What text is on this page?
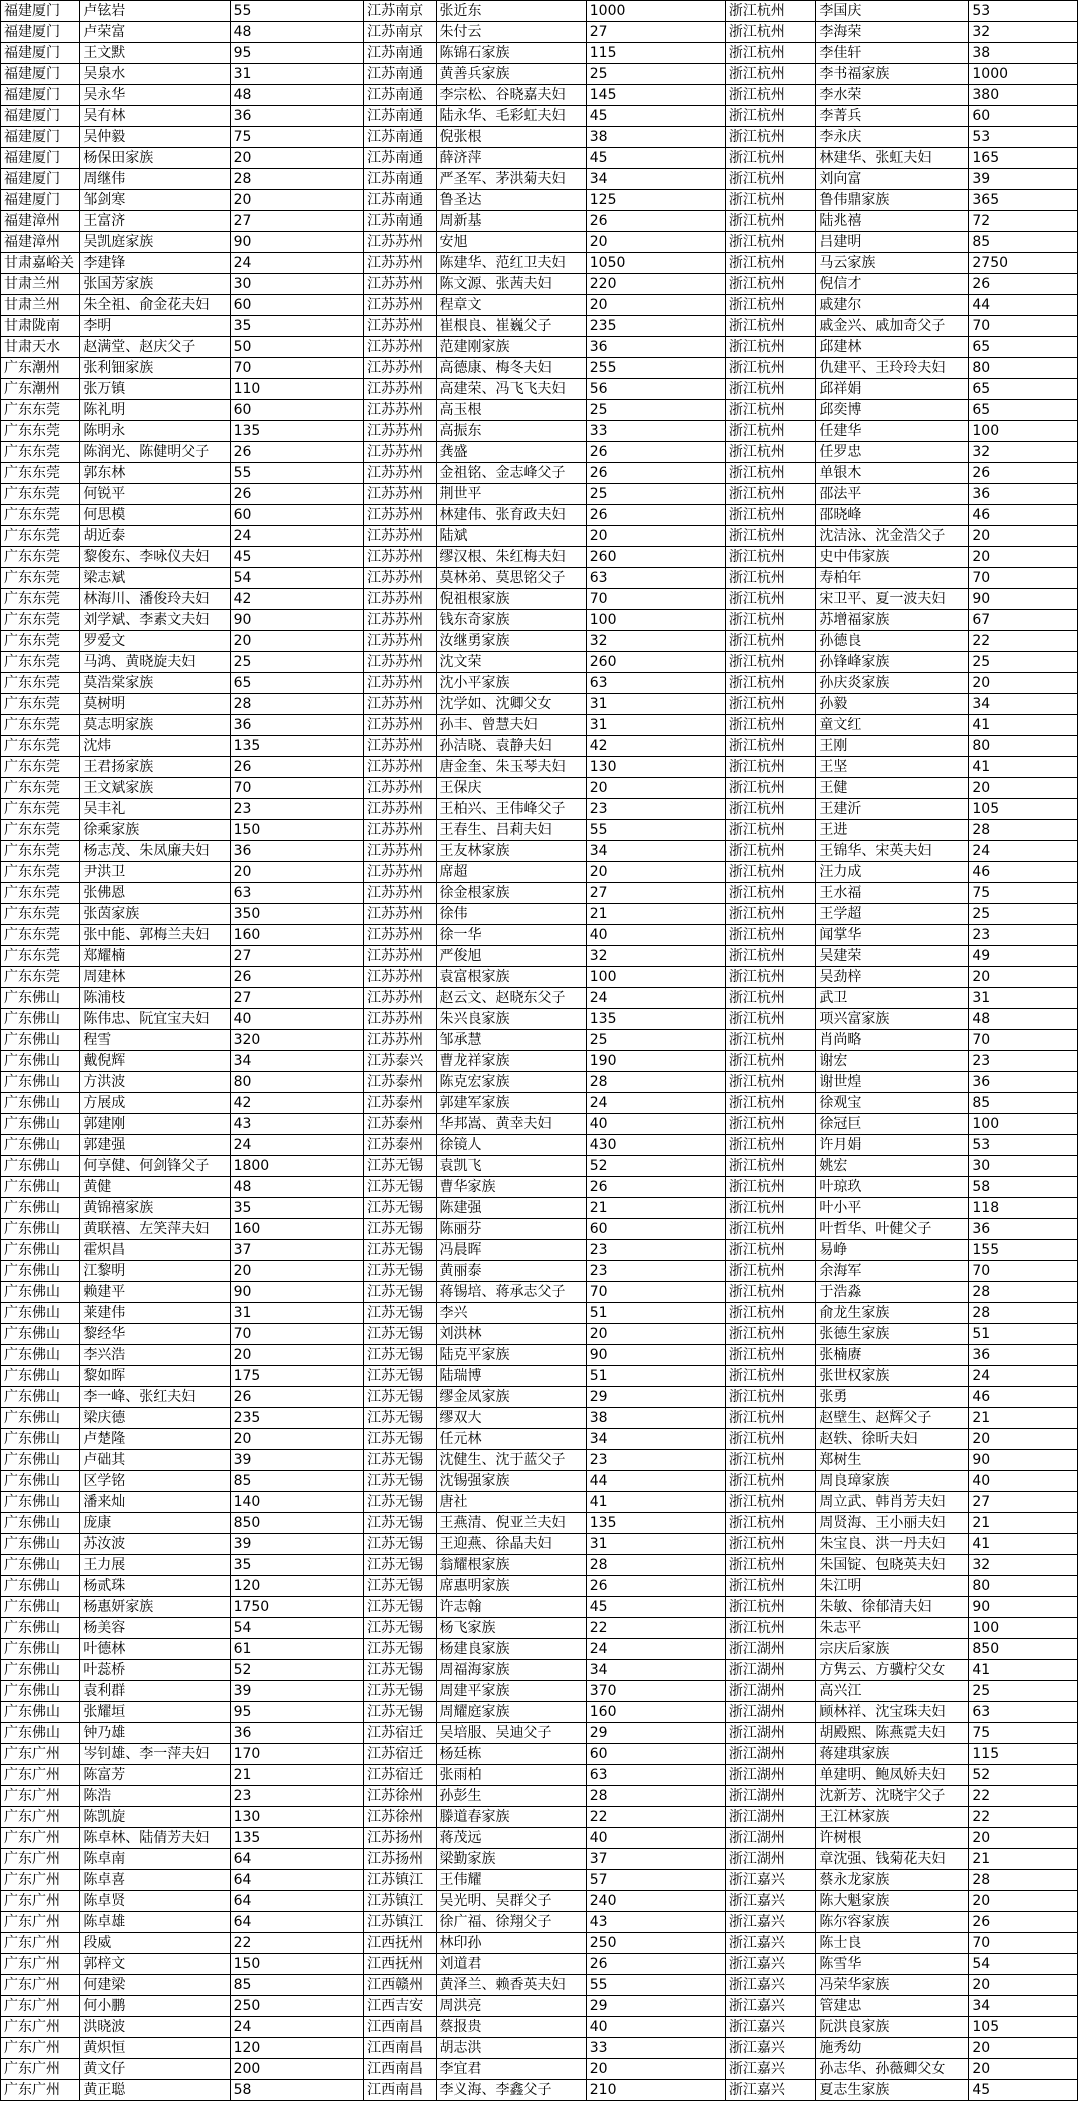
福建厦门	卢铉岩	55	江苏南京	张近东	1000	浙江杭州	李国庆	53
福建厦门	卢荣富	48	江苏南京	朱付云	27	浙江杭州	李海荣	32
福建厦门	王文默	95	江苏南通	陈锦石家族	115	浙江杭州	李佳轩	38
福建厦门	吴泉水	31	江苏南通	黄善兵家族	25	浙江杭州	李书福家族	1000
福建厦门	吴永华	48	江苏南通	李宗松、谷晓嘉夫妇	145	浙江杭州	李水荣	380
福建厦门	吴有林	36	江苏南通	陆永华、毛彩虹夫妇	45	浙江杭州	李菁兵	60
福建厦门	吴仲毅	75	江苏南通	倪张根	38	浙江杭州	李永庆	53
福建厦门	杨保田家族	20	江苏南通	薛济萍	45	浙江杭州	林建华、张虹夫妇	165
福建厦门	周继伟	28	江苏南通	严圣军、茅洪菊夫妇	34	浙江杭州	刘向富	39
福建厦门	邹剑寒	20	江苏南通	鲁圣达	125	浙江杭州	鲁伟鼎家族	365
福建漳州	王富济	27	江苏南通	周新基	26	浙江杭州	陆兆禧	72
福建漳州	吴凯庭家族	90	江苏苏州	安旭	20	浙江杭州	吕建明	85
甘肃嘉峪关	李建锋	24	江苏苏州	陈建华、范红卫夫妇	1050	浙江杭州	马云家族	2750
甘肃兰州	张国芳家族	30	江苏苏州	陈文源、张茜夫妇	220	浙江杭州	倪信才	26
甘肃兰州	朱全祖、俞金花夫妇	60	江苏苏州	程章文	20	浙江杭州	戚建尔	44
甘肃陇南	李明	35	江苏苏州	崔根良、崔巍父子	235	浙江杭州	戚金兴、戚加奇父子	70
甘肃天水	赵满堂、赵庆父子	50	江苏苏州	范建刚家族	36	浙江杭州	邱建林	65
广东潮州	张利钿家族	70	江苏苏州	高德康、梅冬夫妇	255	浙江杭州	仇建平、王玲玲夫妇	80
广东潮州	张万镇	110	江苏苏州	高建荣、冯飞飞夫妇	56	浙江杭州	邱祥娟	65
广东东莞	陈礼明	60	江苏苏州	高玉根	25	浙江杭州	邱奕博	65
广东东莞	陈明永	135	江苏苏州	高振东	33	浙江杭州	任建华	100
广东东莞	陈润光、陈健明父子	26	江苏苏州	龚盛	26	浙江杭州	任罗忠	32
广东东莞	郭东林	55	江苏苏州	金祖铭、金志峰父子	26	浙江杭州	单银木	26
广东东莞	何锐平	26	江苏苏州	荆世平	25	浙江杭州	邵法平	36
广东东莞	何思模	60	江苏苏州	林建伟、张育政夫妇	26	浙江杭州	邵晓峰	46
广东东莞	胡近泰	24	江苏苏州	陆斌	20	浙江杭州	沈洁泳、沈金浩父子	20
广东东莞	黎俊东、李咏仪夫妇	45	江苏苏州	缪汉根、朱红梅夫妇	260	浙江杭州	史中伟家族	20
广东东莞	梁志斌	54	江苏苏州	莫林弟、莫思铭父子	63	浙江杭州	寿柏年	70
广东东莞	林海川、潘俊玲夫妇	42	江苏苏州	倪祖根家族	70	浙江杭州	宋卫平、夏一波夫妇	90
广东东莞	刘学斌、李素文夫妇	90	江苏苏州	钱东奇家族	100	浙江杭州	苏增福家族	67
广东东莞	罗爱文	20	江苏苏州	汝继勇家族	32	浙江杭州	孙德良	22
广东东莞	马鸿、黄晓旋夫妇	25	江苏苏州	沈文荣	260	浙江杭州	孙锋峰家族	25
广东东莞	莫浩棠家族	65	江苏苏州	沈小平家族	63	浙江杭州	孙庆炎家族	20
广东东莞	莫树明	28	江苏苏州	沈学如、沈卿父女	31	浙江杭州	孙毅	34
广东东莞	莫志明家族	36	江苏苏州	孙丰、曾慧夫妇	31	浙江杭州	童文红	41
广东东莞	沈炜	135	江苏苏州	孙洁晓、袁静夫妇	42	浙江杭州	王刚	80
广东东莞	王君扬家族	26	江苏苏州	唐金奎、朱玉琴夫妇	130	浙江杭州	王坚	41
广东东莞	王文斌家族	70	江苏苏州	王保庆	20	浙江杭州	王健	20
广东东莞	吴丰礼	23	江苏苏州	王柏兴、王伟峰父子	23	浙江杭州	王建沂	105
广东东莞	徐乘家族	150	江苏苏州	王春生、吕莉夫妇	55	浙江杭州	王进	28
广东东莞	杨志茂、朱凤廉夫妇	36	江苏苏州	王友林家族	34	浙江杭州	王锦华、宋英夫妇	24
广东东莞	尹洪卫	20	江苏苏州	席超	20	浙江杭州	汪力成	46
广东东莞	张佛恩	63	江苏苏州	徐金根家族	27	浙江杭州	王水福	75
广东东莞	张茵家族	350	江苏苏州	徐伟	21	浙江杭州	王学超	25
广东东莞	张中能、郭梅兰夫妇	160	江苏苏州	徐一华	40	浙江杭州	闻掌华	23
广东东莞	郑耀楠	27	江苏苏州	严俊旭	32	浙江杭州	吴建荣	49
广东东莞	周建林	26	江苏苏州	袁富根家族	100	浙江杭州	吴劲梓	20
广东佛山	陈浦枝	27	江苏苏州	赵云文、赵晓东父子	24	浙江杭州	武卫	31
广东佛山	陈伟忠、阮宜宝夫妇	40	江苏苏州	朱兴良家族	135	浙江杭州	项兴富家族	48
广东佛山	程雪	320	江苏苏州	邹承慧	25	浙江杭州	肖尚略	70
广东佛山	戴倪辉	34	江苏泰兴	曹龙祥家族	190	浙江杭州	谢宏	23
广东佛山	方洪波	80	江苏泰州	陈克宏家族	28	浙江杭州	谢世煌	36
广东佛山	方展成	42	江苏泰州	郭建军家族	24	浙江杭州	徐观宝	85
广东佛山	郭建刚	43	江苏泰州	华邦嵩、黄幸夫妇	40	浙江杭州	徐冠巨	100
广东佛山	郭建强	24	江苏泰州	徐镜人	430	浙江杭州	许月娟	53
广东佛山	何享健、何剑锋父子	1800	江苏无锡	袁凯飞	52	浙江杭州	姚宏	30
广东佛山	黄健	48	江苏无锡	曹华家族	26	浙江杭州	叶琼玖	58
广东佛山	黄锦禧家族	35	江苏无锡	陈建强	21	浙江杭州	叶小平	118
广东佛山	黄联禧、左笑萍夫妇	160	江苏无锡	陈丽芬	60	浙江杭州	叶哲华、叶健父子	36
广东佛山	霍炽昌	37	江苏无锡	冯晨晖	23	浙江杭州	易峥	155
广东佛山	江黎明	20	江苏无锡	黄丽泰	23	浙江杭州	余海军	70
广东佛山	赖建平	90	江苏无锡	蒋锡培、蒋承志父子	70	浙江杭州	于浩淼	28
广东佛山	莱建伟	31	江苏无锡	李兴	51	浙江杭州	俞龙生家族	28
广东佛山	黎经华	70	江苏无锡	刘洪林	20	浙江杭州	张德生家族	51
广东佛山	李兴浩	20	江苏无锡	陆克平家族	90	浙江杭州	张楠赓	36
广东佛山	黎如晖	175	江苏无锡	陆瑞博	51	浙江杭州	张世权家族	24
广东佛山	李一峰、张红夫妇	26	江苏无锡	缪金凤家族	29	浙江杭州	张勇	46
广东佛山	梁庆德	235	江苏无锡	缪双大	38	浙江杭州	赵壁生、赵辉父子	21
广东佛山	卢楚隆	20	江苏无锡	任元林	34	浙江杭州	赵轶、徐昕夫妇	20
广东佛山	卢础其	39	江苏无锡	沈健生、沈于蓝父子	23	浙江杭州	郑树生	90
广东佛山	区学铭	85	江苏无锡	沈锡强家族	44	浙江杭州	周良璋家族	40
广东佛山	潘来灿	140	江苏无锡	唐社	41	浙江杭州	周立武、韩肖芳夫妇	27
广东佛山	庞康	850	江苏无锡	王燕清、倪亚兰夫妇	135	浙江杭州	周贤海、王小丽夫妇	21
广东佛山	苏汝波	39	江苏无锡	王迎燕、徐晶夫妇	31	浙江杭州	朱宝良、洪一丹夫妇	41
广东佛山	王力展	35	江苏无锡	翁耀根家族	28	浙江杭州	朱国锭、包晓英夫妇	32
广东佛山	杨贰珠	120	江苏无锡	席惠明家族	26	浙江杭州	朱江明	80
广东佛山	杨惠妍家族	1750	江苏无锡	许志翰	45	浙江杭州	朱敏、徐郁清夫妇	90
广东佛山	杨美容	54	江苏无锡	杨飞家族	22	浙江杭州	朱志平	100
广东佛山	叶德林	61	江苏无锡	杨建良家族	24	浙江湖州	宗庆后家族	850
广东佛山	叶蕊桥	52	江苏无锡	周福海家族	34	浙江湖州	方隽云、方骥柠父女	41
广东佛山	袁利群	39	江苏无锡	周建平家族	370	浙江湖州	高兴江	25
广东佛山	张耀垣	95	江苏无锡	周耀庭家族	160	浙江湖州	顾林祥、沈宝珠夫妇	63
广东佛山	钟乃雄	36	江苏宿迁	吴培服、吴迪父子	29	浙江湖州	胡殿熙、陈燕霓夫妇	75
广东广州	岑钊雄、李一萍夫妇	170	江苏宿迁	杨廷栋	60	浙江湖州	蒋建琪家族	115
广东广州	陈富芳	21	江苏宿迁	张雨柏	63	浙江湖州	单建明、鲍凤娇夫妇	52
广东广州	陈浩	23	江苏徐州	孙彭生	28	浙江湖州	沈新芳、沈晓宇父子	22
广东广州	陈凯旋	130	江苏徐州	滕道春家族	22	浙江湖州	王江林家族	22
广东广州	陈卓林、陆倩芳夫妇	135	江苏扬州	蒋茂远	40	浙江湖州	许树根	20
广东广州	陈卓南	64	江苏扬州	梁勤家族	37	浙江湖州	章沈强、钱菊花夫妇	21
广东广州	陈卓喜	64	江苏镇江	王伟耀	57	浙江嘉兴	蔡永龙家族	28
广东广州	陈卓贤	64	江苏镇江	吴光明、吴群父子	240	浙江嘉兴	陈大魁家族	20
广东广州	陈卓雄	64	江苏镇江	徐广福、徐翔父子	43	浙江嘉兴	陈尔容家族	26
广东广州	段威	22	江西抚州	林印孙	250	浙江嘉兴	陈士良	70
广东广州	郭梓文	150	江西抚州	刘道君	26	浙江嘉兴	陈雪华	54
广东广州	何建梁	85	江西赣州	黄泽兰、赖香英夫妇	55	浙江嘉兴	冯荣华家族	20
广东广州	何小鹏	250	江西吉安	周洪亮	29	浙江嘉兴	管建忠	34
广东广州	洪晓波	24	江西南昌	蔡报贵	40	浙江嘉兴	阮洪良家族	105
广东广州	黄炽恒	120	江西南昌	胡志洪	33	浙江嘉兴	施秀幼	20
广东广州	黄文仔	200	江西南昌	李宜君	20	浙江嘉兴	孙志华、孙薇卿父女	20
广东广州	黄正聪	58	江西南昌	李义海、李鑫父子	210	浙江嘉兴	夏志生家族	45
